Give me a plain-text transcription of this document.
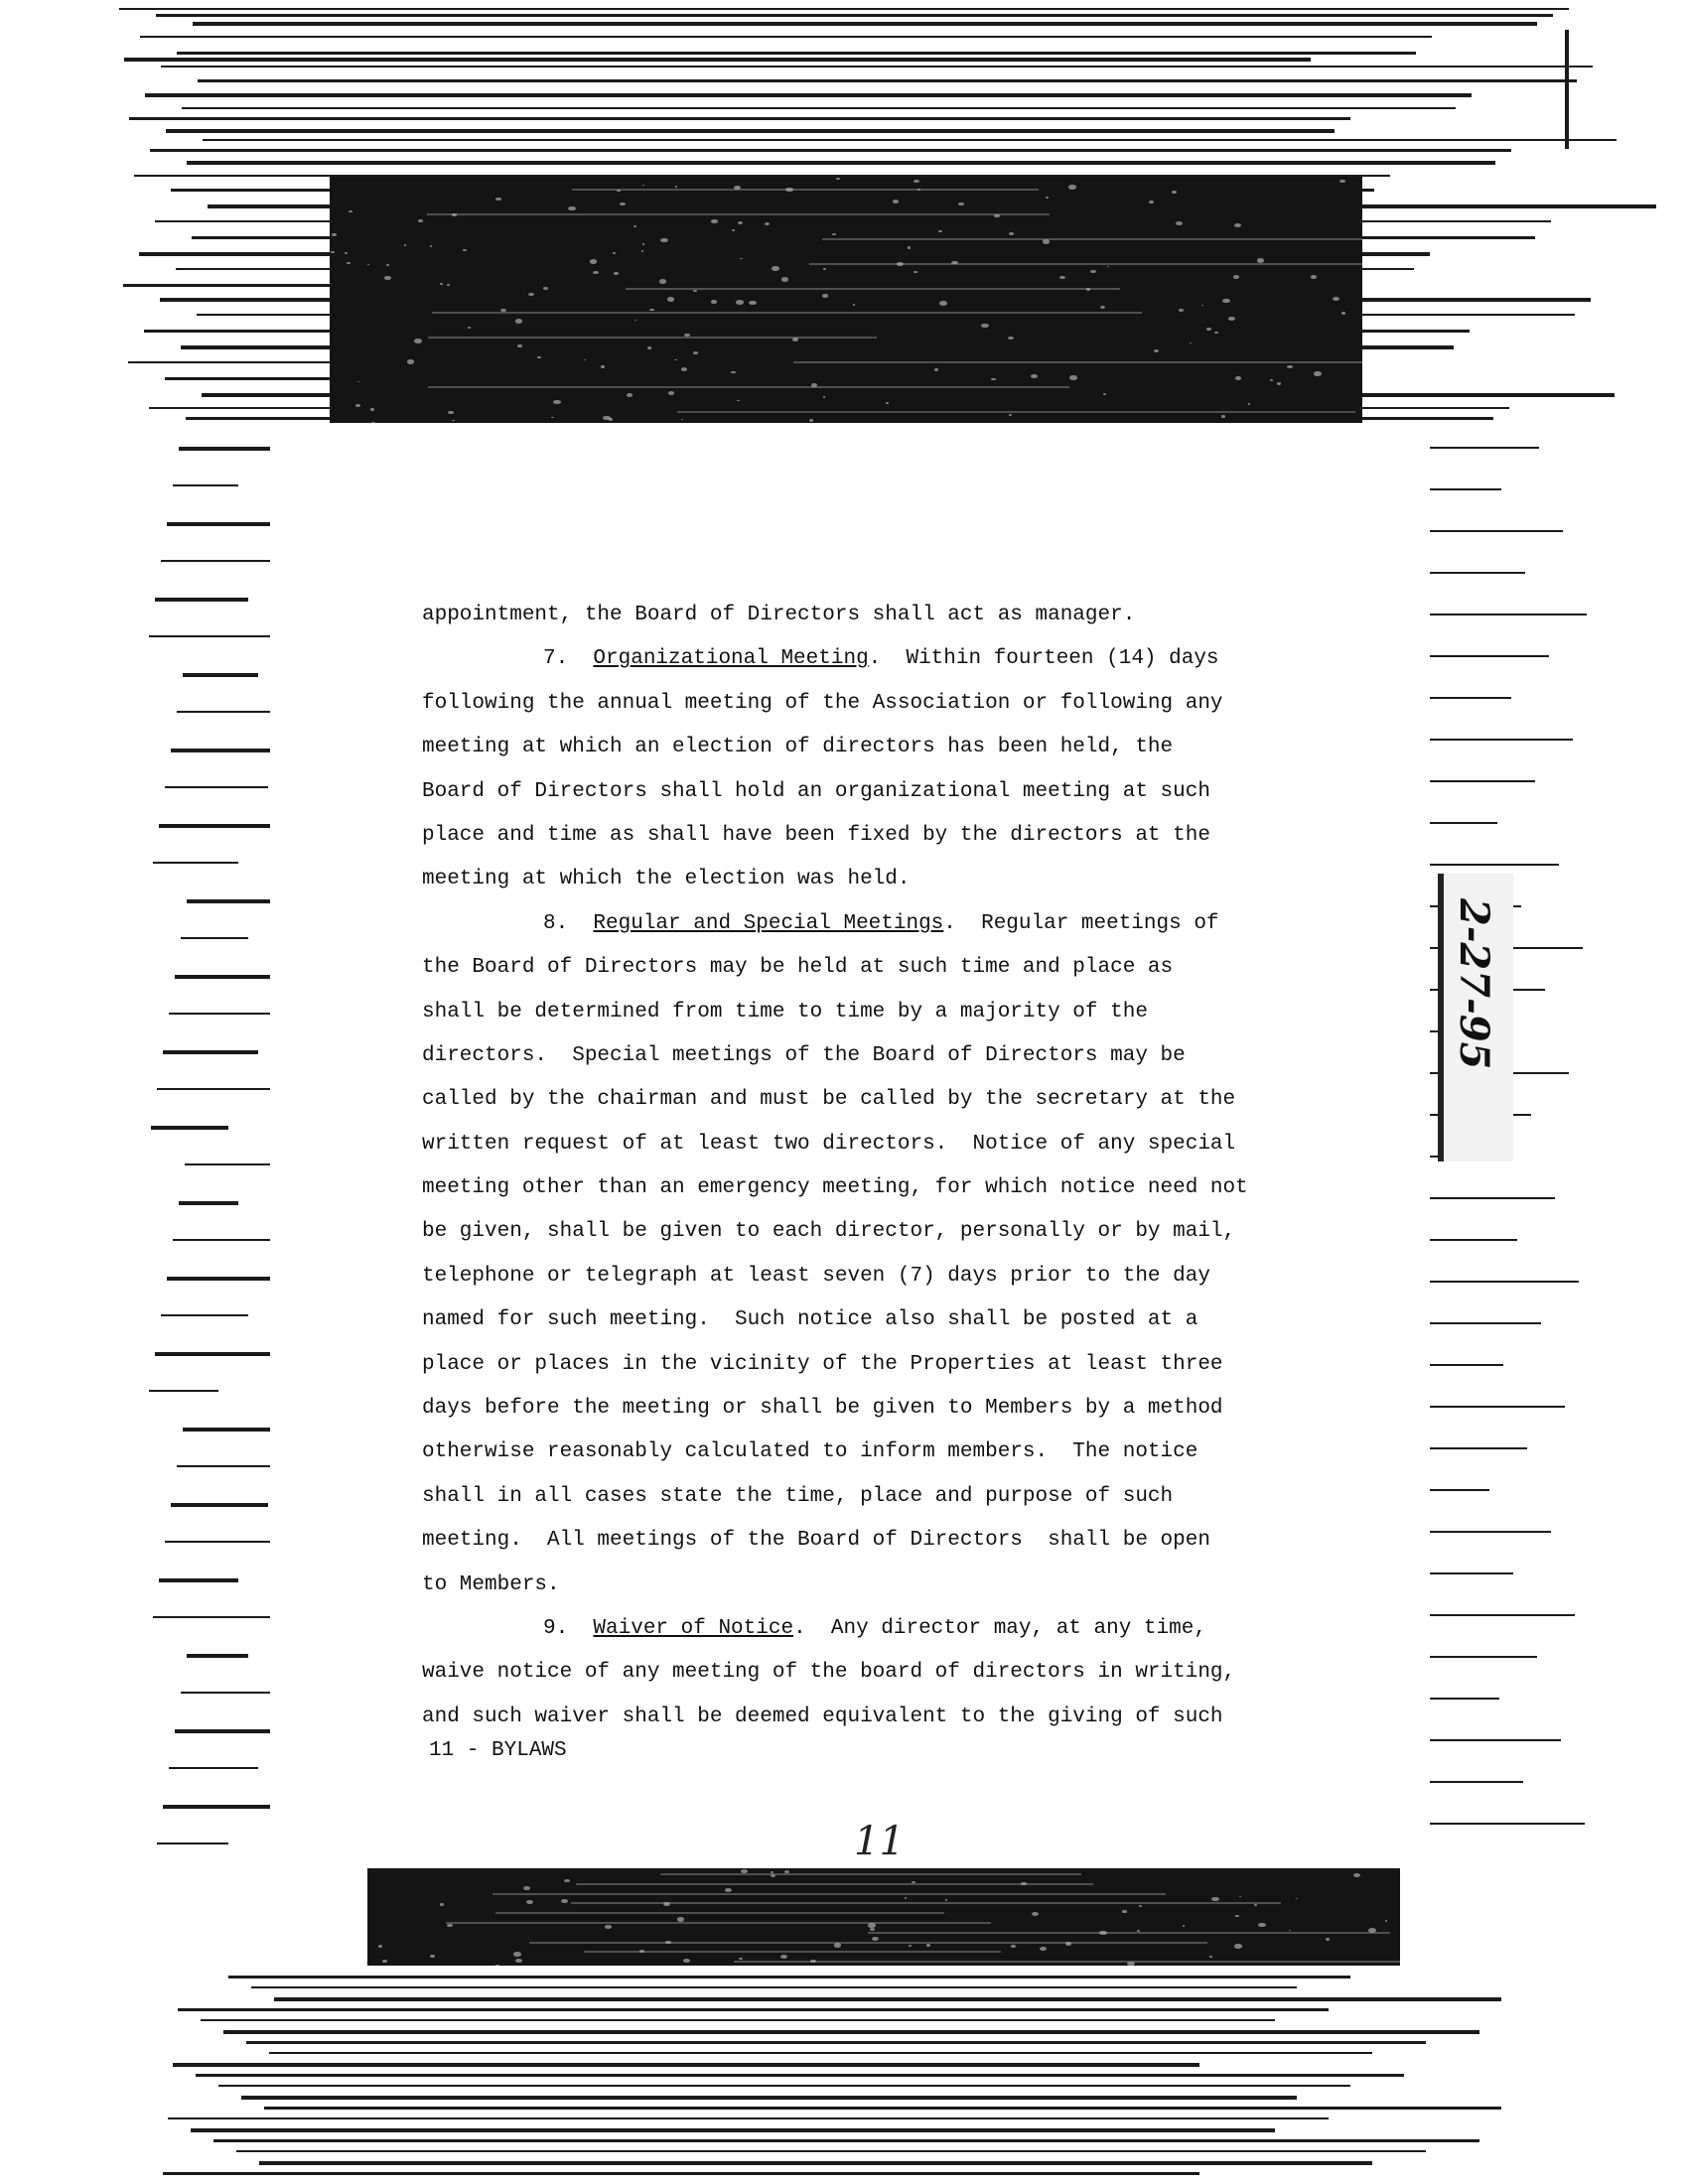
2-27-95
appointment, the Board of Directors shall act as manager.
7.  Organizational Meeting.  Within fourteen (14) days
following the annual meeting of the Association or following any
meeting at which an election of directors has been held, the
Board of Directors shall hold an organizational meeting at such
place and time as shall have been fixed by the directors at the
meeting at which the election was held.
8.  Regular and Special Meetings.  Regular meetings of
the Board of Directors may be held at such time and place as
shall be determined from time to time by a majority of the
directors.  Special meetings of the Board of Directors may be
called by the chairman and must be called by the secretary at the
written request of at least two directors.  Notice of any special
meeting other than an emergency meeting, for which notice need not
be given, shall be given to each director, personally or by mail,
telephone or telegraph at least seven (7) days prior to the day
named for such meeting.  Such notice also shall be posted at a
place or places in the vicinity of the Properties at least three
days before the meeting or shall be given to Members by a method
otherwise reasonably calculated to inform members.  The notice
shall in all cases state the time, place and purpose of such
meeting.  All meetings of the Board of Directors  shall be open
to Members.
9.  Waiver of Notice.  Any director may, at any time,
waive notice of any meeting of the board of directors in writing,
and such waiver shall be deemed equivalent to the giving of such
11 - BYLAWS
11
